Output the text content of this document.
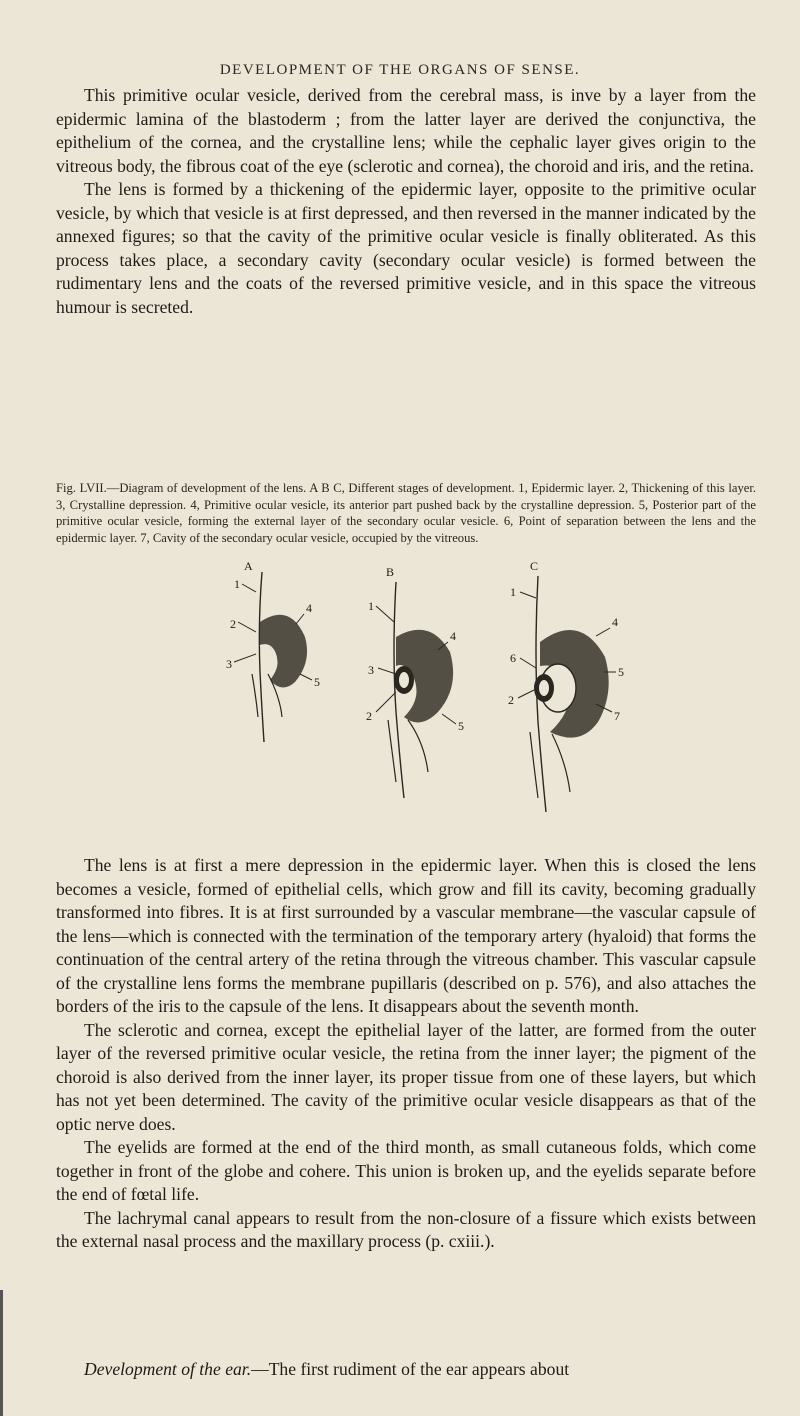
DEVELOPMENT OF THE ORGANS OF SENSE.

This primitive ocular vesicle, derived from the cerebral mass, is inve by a layer from the epidermic lamina of the blastoderm ; from the latter layer are derived the conjunctiva, the epithelium of the cornea, and the crystalline lens; while the cephalic layer gives origin to the vitreous body, the fibrous coat of the eye (sclerotic and cornea), the choroid and iris, and the retina.

The lens is formed by a thickening of the epidermic layer, opposite to the primitive ocular vesicle, by which that vesicle is at first depressed, and then reversed in the manner indicated by the annexed figures; so that the cavity of the primitive ocular vesicle is finally obliterated. As this process takes place, a secondary cavity (secondary ocular vesicle) is formed between the rudimentary lens and the coats of the reversed primitive vesicle, and in this space the vitreous humour is secreted.

Fig. LVII.—Diagram of development of the lens. A B C, Different stages of development. 1, Epidermic layer. 2, Thickening of this layer. 3, Crystalline depression. 4, Primitive ocular vesicle, its anterior part pushed back by the crystalline depression. 5, Posterior part of the primitive ocular vesicle, forming the external layer of the secondary ocular vesicle. 6, Point of separation between the lens and the epidermic layer. 7, Cavity of the secondary ocular vesicle, occupied by the vitreous.
A
1
2
3
4
5
B
1
3
2
4
5
C
1
6
2
4
5
7

The lens is at first a mere depression in the epidermic layer. When this is closed the lens becomes a vesicle, formed of epithelial cells, which grow and fill its cavity, becoming gradually transformed into fibres. It is at first surrounded by a vascular membrane—the vascular capsule of the lens—which is connected with the termination of the temporary artery (hyaloid) that forms the continuation of the central artery of the retina through the vitreous chamber. This vascular capsule of the crystalline lens forms the membrane pupillaris (described on p. 576), and also attaches the borders of the iris to the capsule of the lens. It disappears about the seventh month.

The sclerotic and cornea, except the epithelial layer of the latter, are formed from the outer layer of the reversed primitive ocular vesicle, the retina from the inner layer; the pigment of the choroid is also derived from the inner layer, its proper tissue from one of these layers, but which has not yet been determined. The cavity of the primitive ocular vesicle disappears as that of the optic nerve does.

The eyelids are formed at the end of the third month, as small cutaneous folds, which come together in front of the globe and cohere. This union is broken up, and the eyelids separate before the end of fœtal life.

The lachrymal canal appears to result from the non-closure of a fissure which exists between the external nasal process and the maxillary process (p. cxiii.).

Development of the ear.—The first rudiment of the ear appears about
